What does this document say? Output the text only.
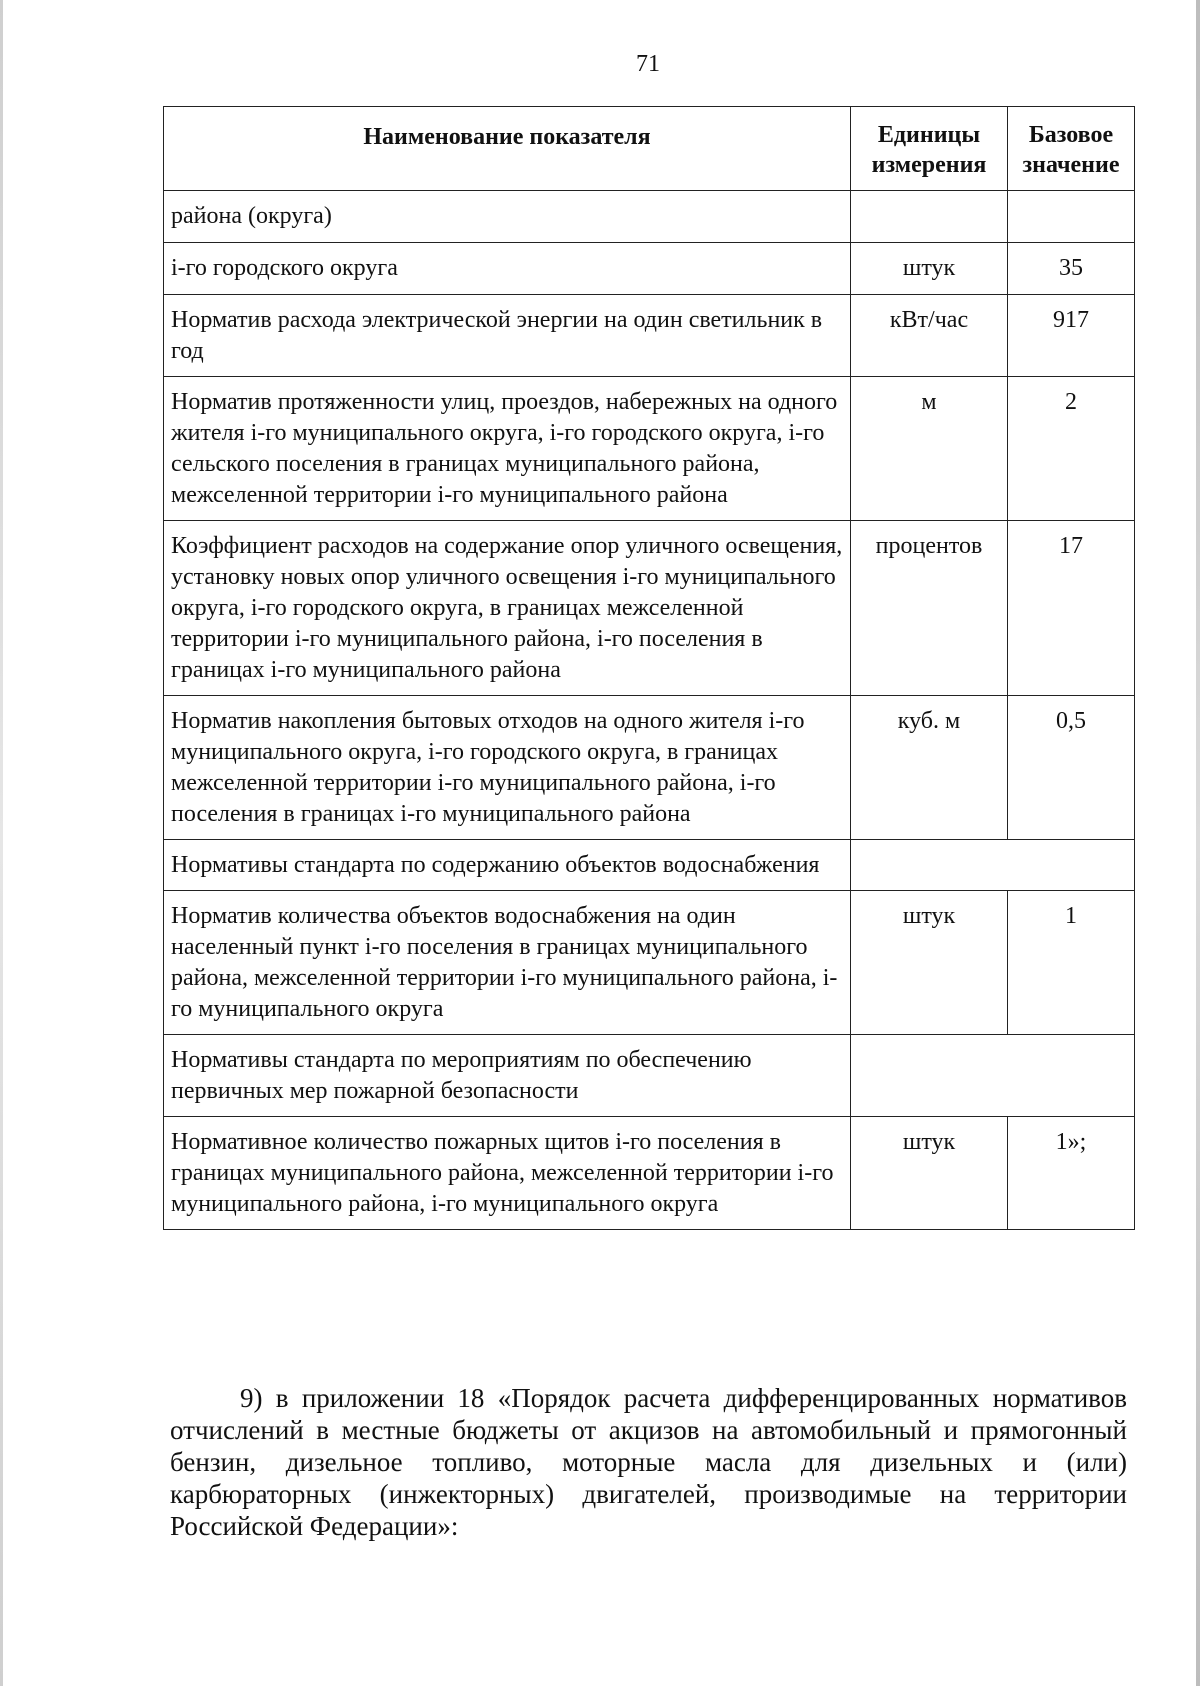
71
Наименование показателя	Единицы измерения	Базовое значение
района (округа)		
i-го городского округа	штук	35
Норматив расхода электрической энергии на один светильник в год	кВт/час	917
Норматив протяженности улиц, проездов, набережных на одного жителя i-го муниципального округа, i-го городского округа, i-го сельского поселения в границах муниципального района, межселенной территории i-го муниципального района	м	2
Коэффициент расходов на содержание опор уличного освещения, установку новых опор уличного освещения i-го муниципального округа, i-го городского округа, в границах межселенной территории i-го муниципального района, i-го поселения в границах i-го муниципального района	процентов	17
Норматив накопления бытовых отходов на одного жителя i-го муниципального округа, i-го городского округа, в границах межселенной территории i-го муниципального района, i-го поселения в границах i-го муниципального района	куб. м	0,5
Нормативы стандарта по содержанию объектов водоснабжения		
Норматив количества объектов водоснабжения на один населенный пункт i-го поселения в границах муниципального района, межселенной территории i-го муниципального района, i-го муниципального округа	штук	1
Нормативы стандарта по мероприятиям по обеспечению первичных мер пожарной безопасности		
Нормативное количество пожарных щитов i-го поселения в границах муниципального района, межселенной территории i-го муниципального района, i-го муниципального округа	штук	1»;

9) в приложении 18 «Порядок расчета дифференцированных нормативов отчислений в местные бюджеты от акцизов на автомобильный и прямогонный бензин, дизельное топливо, моторные масла для дизельных и (или) карбюраторных (инжекторных) двигателей, производимые на территории Российской Федерации»:
